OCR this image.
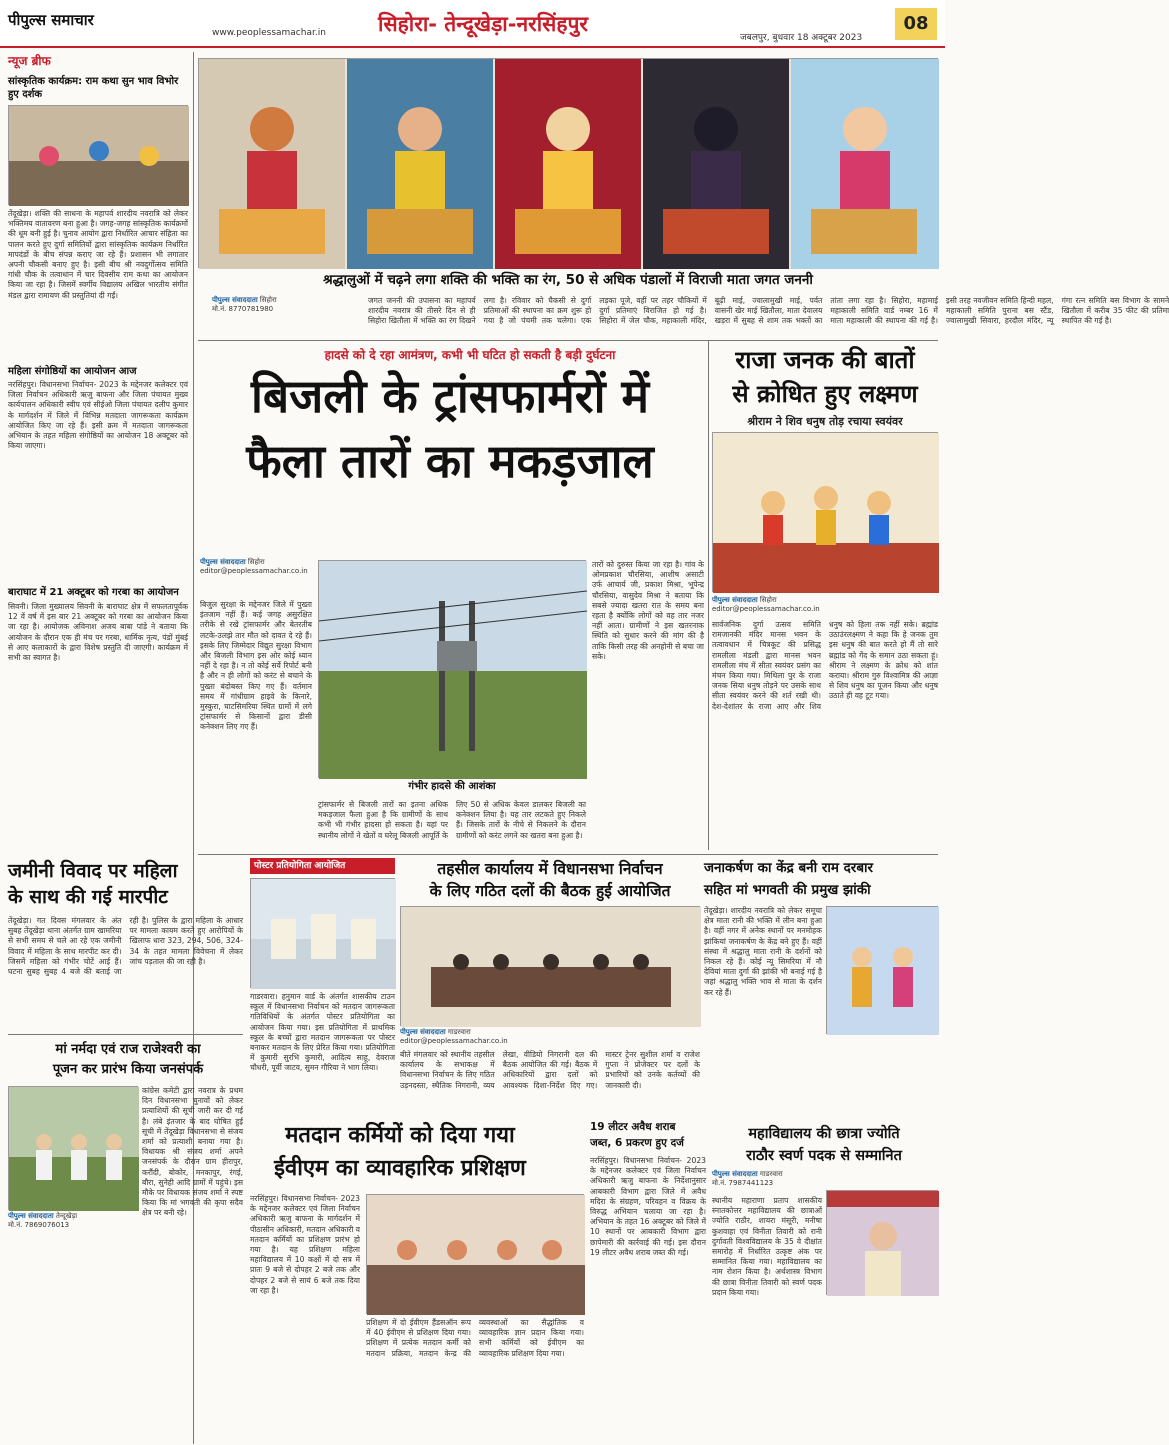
पीपुल्स समाचार
www.peoplessamachar.in सिहोरा- तेन्दूखेड़ा-नरसिंहपुर
जबलपुर, बुधवार 18 अक्टूबर 2023
08
न्यूज ब्रीफ
सांस्कृतिक कार्यक्रम: राम कथा सुन भाव विभोर हुए दर्शक
तेंदूखेड़ा। शक्ति की साधना के महापर्व शारदीय नवरात्रि को लेकर भक्तिमय वातावरण बना हुआ है। जगह-जगह सांस्कृतिक कार्यक्रमों की धूम बनी हुई है। चुनाव आयोग द्वारा निर्धारित आचार संहिता का पालन करते हुए दुर्गा समितियों द्वारा सांस्कृतिक कार्यक्रम निर्धारित मापदंडों के बीच संपन्न कराए जा रहे हैं। प्रशासन भी लगातार अपनी चौकसी बनाए हुए है। इसी बीच श्री नवदुर्गोत्सव समिति गांधी चौक के तत्वाधान में चार दिवसीय राम कथा का आयोजन किया जा रहा है। जिसमें स्वर्गीय विद्यालय अखिल भारतीय संगीत मंडल द्वारा रामायण की प्रस्तुतियां दी गईं।
महिला संगोष्ठियों का आयोजन आज
नरसिंहपुर। विधानसभा निर्वाचन- 2023 के मद्देनजर कलेक्टर एवं जिला निर्वाचन अधिकारी ऋजु बाफना और जिला पंचायत मुख्य कार्यपालन अधिकारी स्वीप एवं सीईओ जिला पंचायत दलीप कुमार के मार्गदर्शन में जिले में विभिन्न मतदाता जागरूकता कार्यक्रम आयोजित किए जा रहे हैं। इसी क्रम में मतदाता जागरूकता अभियान के तहत महिला संगोष्ठियों का आयोजन 18 अक्टूबर को किया जाएगा।
बाराघाट में 21 अक्टूबर को गरबा का आयोजन
सिवनी। जिला मुख्यालय सिवनी के बाराघाट क्षेत्र में सफलतापूर्वक 12 वें वर्ष में इस बार 21 अक्टूबर को गरबा का आयोजन किया जा रहा है। आयोजक अविनाश अजय बाबा पांडे ने बताया कि आयोजन के दौरान एक ही मंच पर गरबा, धार्मिक नृत्य, पंडों मुंबई से आए कलाकारों के द्वारा विशेष प्रस्तुति दी जाएगी। कार्यक्रम में सभी का स्वागत है।
श्रद्धालुओं में चढ़ने लगा शक्ति की भक्ति का रंग, 50 से अधिक पंडालों में विराजी माता जगत जननी
पीपुल्स संवाददाता सिहोरा
मो.नं. 8770781980
जगत जननी की उपासना का महापर्व शारदीय नवरात्र की तीसरे दिन से ही सिहोरा खितौला में भक्ति का रंग दिखने लगा है। रविवार को घैकसी से दुर्गा प्रतिमाओं की स्थापना का क्रम शुरू हो गया है जो पंचमी तक चलेगा। एक लड़का पूजे, वहीं पर तहर चौकियों में दुर्गा प्रतिमाएं विराजित हो गई है। सिहोरा में जेल चौक, महाकाली मंदिर, बूढ़ी माई, ज्वालामुखी माई, पर्वत वासनी खेर माई खितौला, माता देवालय खड़रा में सुबह से शाम तक भक्तों का तांता लगा रहा है। सिहोरा, महामाई महाकाली समिति वार्ड नम्बर 16 में माता महाकाली की स्थापना की गई है। इसी तरह नवजीवन समिति हिन्दी महल, महाकाली समिति पुराना बस स्टैंड, ज्वालामुखी सिवारा, हरदौल मंदिर, न्यू गंगा रत्न समिति बस विभाग के सामने खितौला में करीब 35 फीट की प्रतिमा स्थापित की गई है।
हादसे को दे रहा आमंत्रण, कभी भी घटित हो सकती है बड़ी दुर्घटना
बिजली के ट्रांसफार्मरों में
फैला तारों का मकड़जाल
पीपुल्स संवाददाता सिहोरा
editor@peoplessamachar.co.in
बिजुल सुरक्षा के मद्देनजर जिले में पुख्ता इंतजाम नहीं हैं। कई जगह असुरक्षित तरीके से रखे ट्रांसफार्मर और बेतरतीब लटके-उलझे तार मौत को दावत दे रहे हैं। इसके लिए जिम्मेदार विद्युत सुरक्षा विभाग और बिजली विभाग इस ओर कोई ध्यान नहीं दे रहा है। न तो कोई सर्वे रिपोर्ट बनी है और न ही लोगों को करंट से बचाने के पुख्ता बंदोबस्त किए गए हैं। वर्तमान समय में गांधीग्राम हाइवे के किनारे, मुस्कुरा, घाटसिमरिया स्थित ग्रामों में लगे ट्रांसफार्मर से किसानों द्वारा डीसी कनेक्शन लिए गए हैं।
गंभीर हादसे की आशंका
ट्रांसफार्मर से बिजली तारों का इतना अधिक मकड़जाल फैला हुआ है कि ग्रामीणों के साथ कभी भी गंभीर हादसा हो सकता है। यहां पर स्थानीय लोगों ने खेतों व घरेलू बिजली आपूर्ति के लिए 50 से अधिक केवल डालकर बिजली का कनेक्शन लिया है। यह तार लटकते हुए निकले हैं। जिसके तारों के नीचे से निकलने के दौरान ग्रामीणों को करंट लगने का खतरा बना हुआ है।
तारों को दुरुस्त किया जा रहा है। गांव के ओमप्रकाश चौरसिया, आशीष असाटी उर्फ आचार्य जी, प्रकाश मिश्रा, भूपेन्द्र चौरसिया, वासुदेव मिश्रा ने बताया कि सबसे ज्यादा खतरा रात के समय बना रहता है क्योंकि लोगों को वह तार नजर नहीं आता। ग्रामीणों ने इस खतरनाक स्थिति को सुधार करने की मांग की है ताकि किसी तरह की अनहोनी से बचा जा सके।
राजा जनक की बातों
से क्रोधित हुए लक्ष्मण
श्रीराम ने शिव धनुष तोड़ रचाया स्वयंवर
पीपुल्स संवाददाता सिहोरा
editor@peoplessamachar.co.in
सार्वजनिक दुर्गा उत्सव समिति रामजानकी मंदिर मानस भवन के तत्वावधान में चित्रकूट की प्रसिद्ध रामलीला मंडली द्वारा मानस भवन रामलीला मंच में सीता स्वयंवर प्रसंग का मंचन किया गया। मिथिला पुर के राजा जनक सिया धनुष तोड़ने पर उसके साथ सीता स्वयंवर करने की शर्त रखी थी। देश-देशांतर के राजा आए और शिव धनुष को हिला तक नहीं सके। ब्रह्मांड उठाउंरलक्ष्मण ने कहा कि हे जनक तुम इस धनुष की बात करते हो मैं तो सारे ब्रह्मांड को गेंद के समान उठा सकता हूं। श्रीराम ने लक्ष्मण के क्रोध को शांत कराया। श्रीराम गुरु विश्वामित्र की आज्ञा से शिव धनुष का पूजन किया और धनुष उठाते ही वह टूट गया।
जमीनी विवाद पर महिला
के साथ की गई मारपीट
तेंदूखेड़ा। गत दिवस मंगलवार के अंत सुबह तेंदूखेड़ा थाना अंतर्गत ग्राम खामरिया से सभी समय से चले आ रहे एक जमीनी विवाद में महिला के साथ मारपीट कर दी। जिसमें महिला को गंभीर चोटें आई हैं। घटना सुबह सुबह 4 बजे की बताई जा रही है। पुलिस के द्वारा महिला के आधार पर मामला कायम करते हुए आरोपियों के खिलाफ धारा 323, 294, 506, 324-34 के तहत मामला विवेचना में लेकर जांच पड़ताल की जा रही है।
पोस्टर प्रतियोगिता आयोजित
गाडरवारा। हनुमान वार्ड के अंतर्गत शासकीय टाउन स्कूल में विधानसभा निर्वाचन को मतदान जागरूकता गतिविधियों के अंतर्गत पोस्टर प्रतियोगिता का आयोजन किया गया। इस प्रतियोगिता में प्राथमिक स्कूल के बच्चों द्वारा मतदान जागरूकता पर पोस्टर बनाकर मतदान के लिए प्रेरित किया गया। प्रतियोगिता में कुमारी सुरभि कुमारी, आदित्य साहू, देवराज चौधरी, पूर्वी जाटव, सुमन गौरिया ने भाग लिया।
तहसील कार्यालय में विधानसभा निर्वाचन
के लिए गठित दलों की बैठक हुई आयोजित
पीपुल्स संवाददाता गाडरवारा
editor@peoplessamachar.co.in
बीते मंगलवार को स्थानीय तहसील कार्यालय के सभाकक्ष में विधानसभा निर्वाचन के लिए गठित उड़नदस्ता, स्थैतिक निगरानी, व्यय लेखा, वीडियो निगरानी दल की बैठक आयोजित की गई। बैठक में अधिकारियों द्वारा दलों को आवश्यक दिशा-निर्देश दिए गए। मास्टर ट्रेनर सुशील शर्मा व राजेश गुप्ता ने प्रोजेक्टर पर दलों के प्रभारियों को उनके कर्तव्यों की जानकारी दी।
जनाकर्षण का केंद्र बनी राम दरबार
सहित मां भगवती की प्रमुख झांकी
तेंदूखेड़ा। शारदीय नवरात्रि को लेकर समूचा क्षेत्र माता रानी की भक्ति में लीन बना हुआ है। वहीं नगर में अनेक स्थानों पर मनमोहक झांकियां जनाकर्षण के केंद्र बने हुए हैं। वहीं संस्था में श्रद्धालु माता रानी के दर्शनों को निकल रहे हैं। कोई न्यू सिमरिया में नौ देवियां माता दुर्गा की झांकी भी बनाई गई है जहां श्रद्धालु भक्ति भाव से माता के दर्शन कर रहे हैं।
मां नर्मदा एवं राज राजेश्वरी का
पूजन कर प्रारंभ किया जनसंपर्क
पीपुल्स संवाददाता तेन्दूखेड़ा
मो.नं. 7869076013
कांग्रेस कमेटी द्वारा नवरात्र के प्रथम दिन विधानसभा चुनावों को लेकर प्रत्याशियों की सूची जारी कर दी गई है। लंबे इंतजार के बाद घोषित हुई सूची में तेंदूखेड़ा विधानसभा से संजय शर्मा को प्रत्याशी बनाया गया है। विधायक श्री संजय शर्मा अपने जनसंपर्क के दौरान ग्राम हीरापुर, करौंदी, बोकोर, मनकापुर, रंगई, बौरा, सुनेही आदि ग्रामों में पहुंचे। इस मौके पर विधायक संजय शर्मा ने स्पष्ट किया कि मां भगवती की कृपा सदैव क्षेत्र पर बनी रहे।
मतदान कर्मियों को दिया गया
ईवीएम का व्यावहारिक प्रशिक्षण
नरसिंहपुर। विधानसभा निर्वाचन- 2023 के मद्देनजर कलेक्टर एवं जिला निर्वाचन अधिकारी ऋजु बाफना के मार्गदर्शन में पीठासीन अधिकारी, मतदान अधिकारी व मतदान कर्मियों का प्रशिक्षण प्रारंभ हो गया है। यह प्रशिक्षण महिला महाविद्यालय में 10 कक्षों में दो सत्र में प्रातः 9 बजे से दोपहर 2 बजे तक और दोपहर 2 बजे से सायं 6 बजे तक दिया जा रहा है।
प्रशिक्षण में दो ईवीएम हैंडसऑन रूप में 40 ईवीएम से प्रशिक्षण दिया गया। प्रशिक्षण में प्रत्येक मतदान कर्मी को मतदान प्रक्रिया, मतदान केन्द्र की व्यवस्थाओं का सैद्धांतिक व व्यावहारिक ज्ञान प्रदान किया गया। सभी कर्मियों को ईवीएम का व्यावहारिक प्रशिक्षण दिया गया।
19 लीटर अवैध शराब
जब्त, 6 प्रकरण हुए दर्ज
नरसिंहपुर। विधानसभा निर्वाचन- 2023 के मद्देनजर कलेक्टर एवं जिला निर्वाचन अधिकारी ऋजु बाफना के निर्देशानुसार आबकारी विभाग द्वारा जिले में अवैध मदिरा के संग्रहण, परिवहन व विक्रय के विरुद्ध अभियान चलाया जा रहा है। अभियान के तहत 16 अक्टूबर को जिले में 10 स्थानों पर आबकारी विभाग द्वारा छापेमारी की कार्रवाई की गई। इस दौरान 19 लीटर अवैध शराब जब्त की गई।
महाविद्यालय की छात्रा ज्योति
राठौर स्वर्ण पदक से सम्मानित
पीपुल्स संवाददाता गाडरवारा
मो.नं. 7987441123
स्थानीय महाराणा प्रताप शासकीय स्नातकोत्तर महाविद्यालय की छात्राओं ज्योति राठौर, शायरा मंसूरी, मनीषा कुशवाहा एवं विनीता तिवारी को रानी दुर्गावती विश्वविद्यालय के 35 वे दीक्षांत समारोह में निर्धारित उत्कृष्ट अंक पर सम्मानित किया गया। महाविद्यालय का नाम रोशन किया है। अर्थशास्त्र विभाग की छात्रा विनीता तिवारी को स्वर्ण पदक प्रदान किया गया।
